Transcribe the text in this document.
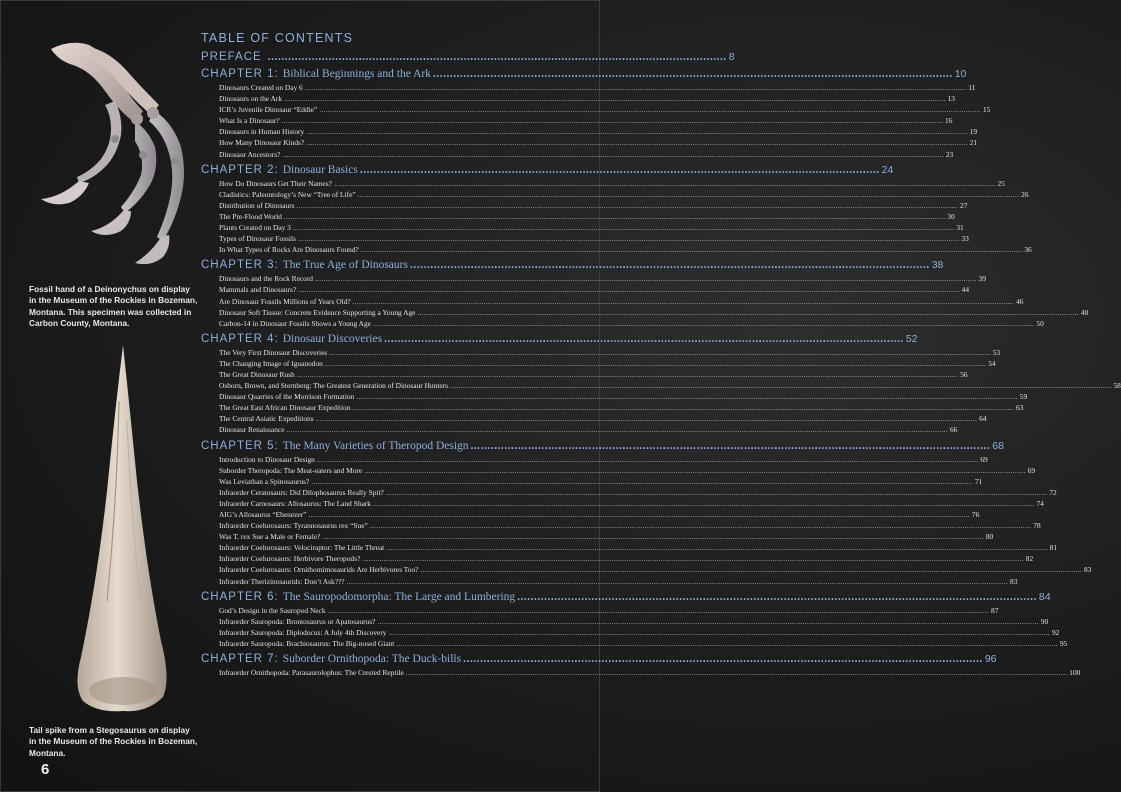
Fossil hand of a Deinonychus on display in the Museum of the Rockies in Bozeman, Montana. This specimen was collected in Carbon County, Montana.
Tail spike from a Stegosaurus on display in the Museum of the Rockies in Bozeman, Montana.
6
TABLE OF CONTENTS
PREFACE ........................................................................................................................................ 8
CHAPTER 1: Biblical Beginnings and the Ark .......................................................................................................................................................... 10
Dinosaurs Created on Day 6 .................................................................................................................................................................................................................................................................................................................... 11
Dinosaurs on the Ark .................................................................................................................................................................................................................................................................................................................... 13
ICR’s Juvenile Dinosaur “Eddie” .................................................................................................................................................................................................................................................................................................................... 15
What Is a Dinosaur? .................................................................................................................................................................................................................................................................................................................... 16
Dinosaurs in Human History .................................................................................................................................................................................................................................................................................................................... 19
How Many Dinosaur Kinds? .................................................................................................................................................................................................................................................................................................................... 21
Dinosaur Ancestors? .................................................................................................................................................................................................................................................................................................................... 23
CHAPTER 2: Dinosaur Basics .......................................................................................................................................................... 24
How Do Dinosaurs Get Their Names? .................................................................................................................................................................................................................................................................................................................... 25
Cladistics: Paleontology’s New “Tree of Life” .................................................................................................................................................................................................................................................................................................................... 26
Distribution of Dinosaurs .................................................................................................................................................................................................................................................................................................................... 27
The Pre-Flood World .................................................................................................................................................................................................................................................................................................................... 30
Plants Created on Day 3 .................................................................................................................................................................................................................................................................................................................... 31
Types of Dinosaur Fossils .................................................................................................................................................................................................................................................................................................................... 33
In What Types of Rocks Are Dinosaurs Found? .................................................................................................................................................................................................................................................................................................................... 36
CHAPTER 3: The True Age of Dinosaurs .......................................................................................................................................................... 38
Dinosaurs and the Rock Record .................................................................................................................................................................................................................................................................................................................... 39
Mammals and Dinosaurs? .................................................................................................................................................................................................................................................................................................................... 44
Are Dinosaur Fossils Millions of Years Old? .................................................................................................................................................................................................................................................................................................................... 46
Dinosaur Soft Tissue: Concrete Evidence Supporting a Young Age .................................................................................................................................................................................................................................................................................................................... 48
Carbon-14 in Dinosaur Fossils Shows a Young Age .................................................................................................................................................................................................................................................................................................................... 50
CHAPTER 4: Dinosaur Discoveries .......................................................................................................................................................... 52
The Very First Dinosaur Discoveries .................................................................................................................................................................................................................................................................................................................... 53
The Changing Image of Iguanodon .................................................................................................................................................................................................................................................................................................................... 54
The Great Dinosaur Rush .................................................................................................................................................................................................................................................................................................................... 56
Osborn, Brown, and Sternberg: The Greatest Generation of Dinosaur Hunters .................................................................................................................................................................................................................................................................................................................... 58
Dinosaur Quarries of the Morrison Formation .................................................................................................................................................................................................................................................................................................................... 59
The Great East African Dinosaur Expedition .................................................................................................................................................................................................................................................................................................................... 63
The Central Asiatic Expeditions .................................................................................................................................................................................................................................................................................................................... 64
Dinosaur Renaissance .................................................................................................................................................................................................................................................................................................................... 66
CHAPTER 5: The Many Varieties of Theropod Design .......................................................................................................................................................... 68
Introduction to Dinosaur Design .................................................................................................................................................................................................................................................................................................................... 69
Suborder Theropoda: The Meat-eaters and More .................................................................................................................................................................................................................................................................................................................... 69
Was Leviathan a Spinosaurus? .................................................................................................................................................................................................................................................................................................................... 71
Infraorder Ceratosaurs: Did Dilophosaurus Really Spit? .................................................................................................................................................................................................................................................................................................................... 72
Infraorder Carnosaurs: Allosaurus: The Land Shark .................................................................................................................................................................................................................................................................................................................... 74
AIG’s Allosaurus “Ebenezer” .................................................................................................................................................................................................................................................................................................................... 76
Infraorder Coelurosaurs: Tyrannosaurus rex “Sue” .................................................................................................................................................................................................................................................................................................................... 78
Was T. rex Sue a Male or Female? .................................................................................................................................................................................................................................................................................................................... 80
Infraorder Coelurosaurs: Velociraptor: The Little Threat .................................................................................................................................................................................................................................................................................................................... 81
Infraorder Coelurosaurs: Herbivore Theropods? .................................................................................................................................................................................................................................................................................................................... 82
Infraorder Coelurosaurs: Ornithomimosaurids Are Herbivores Too? .................................................................................................................................................................................................................................................................................................................... 83
Infraorder Therizinosaurids: Don’t Ask??? .................................................................................................................................................................................................................................................................................................................... 83
CHAPTER 6: The Sauropodomorpha: The Large and Lumbering .......................................................................................................................................................... 84
God’s Design in the Sauropod Neck .................................................................................................................................................................................................................................................................................................................... 87
Infraorder Sauropoda: Brontosaurus or Apatosaurus? .................................................................................................................................................................................................................................................................................................................... 90
Infraorder Sauropoda: Diplodocus: A July 4th Discovery .................................................................................................................................................................................................................................................................................................................... 92
Infraorder Sauropoda: Brachiosaurus: The Big-nosed Giant .................................................................................................................................................................................................................................................................................................................... 95
CHAPTER 7: Suborder Ornithopoda: The Duck-bills .......................................................................................................................................................... 96
Infraorder Ornithopoda: Parasaurolophus: The Crested Reptile .................................................................................................................................................................................................................................................................................................................... 100
